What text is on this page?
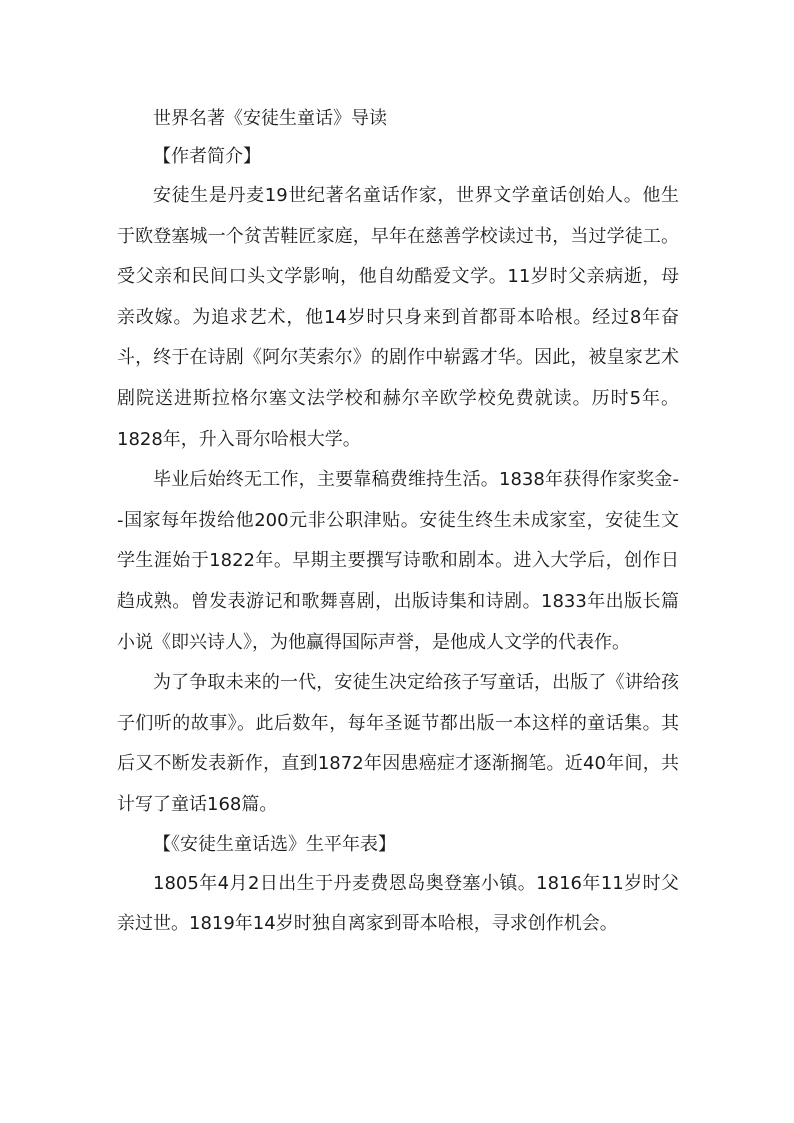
世界名著《安徒生童话》导读

【作者简介】

安徒生是丹麦19世纪著名童话作家，世界文学童话创始人。他生于欧登塞城一个贫苦鞋匠家庭，早年在慈善学校读过书，当过学徒工。受父亲和民间口头文学影响，他自幼酷爱文学。11岁时父亲病逝，母亲改嫁。为追求艺术，他14岁时只身来到首都哥本哈根。经过8年奋斗，终于在诗剧《阿尔芙索尔》的剧作中崭露才华。因此，被皇家艺术剧院送进斯拉格尔塞文法学校和赫尔辛欧学校免费就读。历时5年。1828年，升入哥尔哈根大学。

毕业后始终无工作，主要靠稿费维持生活。1838年获得作家奖金--国家每年拨给他200元非公职津贴。安徒生终生未成家室，安徒生文学生涯始于1822年。早期主要撰写诗歌和剧本。进入大学后，创作日趋成熟。曾发表游记和歌舞喜剧，出版诗集和诗剧。1833年出版长篇小说《即兴诗人》，为他赢得国际声誉，是他成人文学的代表作。

为了争取未来的一代，安徒生决定给孩子写童话，出版了《讲给孩子们听的故事》。此后数年，每年圣诞节都出版一本这样的童话集。其后又不断发表新作，直到1872年因患癌症才逐渐搁笔。近40年间，共计写了童话168篇。

【《安徒生童话选》生平年表】

1805年4月2日出生于丹麦费恩岛奥登塞小镇。1816年11岁时父亲过世。1819年14岁时独自离家到哥本哈根，寻求创作机会。
